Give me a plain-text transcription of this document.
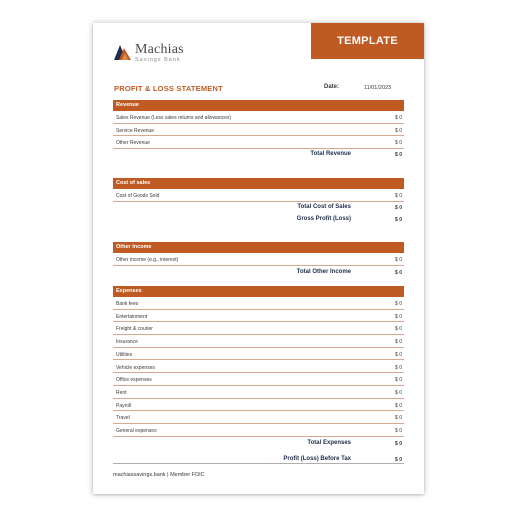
TEMPLATE
Machias
Savings Bank
PROFIT & LOSS STATEMENT	Date:	11/01/2023
Revenue
Sales Revenue (Less sales returns and allowances)	$ 0
Service Revenue	$ 0
Other Revenue	$ 0
Total Revenue	$ 0
Cost of sales
Cost of Goods Sold	$ 0
Total Cost of Sales	$ 0
Gross Profit (Loss)	$ 0
Other Income
Other income (e.g., interest)	$ 0
Total Other Income	$ 0
Expenses
Bank fees	$ 0
Entertainment	$ 0
Freight & courier	$ 0
Insurance	$ 0
Utilities	$ 0
Vehicle expenses	$ 0
Office expenses	$ 0
Rent	$ 0
Payroll	$ 0
Travel	$ 0
General expenses	$ 0
Total Expenses	$ 0
Profit (Loss) Before Tax	$ 0
machiassavings.bank | Member FDIC
